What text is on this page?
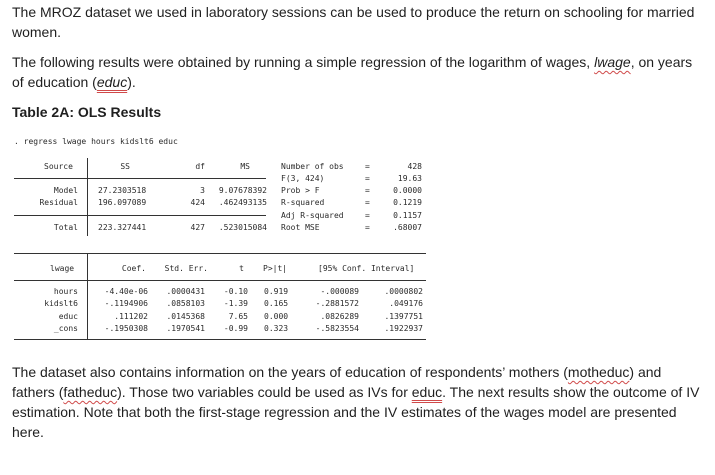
The MROZ dataset we used in laboratory sessions can be used to produce the return on schooling for married women.

The following results were obtained by running a simple regression of the logarithm of wages, lwage, on years of education (educ).

Table 2A: OLS Results

. regress lwage hours kidslt6 educ
Source	SS	df	MS
Model	27.2303518	3	9.07678392
Residual	196.097089	424	.462493135
Total	223.327441	427	.523015084
Number of obs	=	428
F(3, 424)	=	19.63
Prob > F	=	0.0000
R-squared	=	0.1219
Adj R-squared	=	0.1157
Root MSE	=	.68007
lwage	Coef.	Std. Err.	t P>|t|	[95% Conf. Interval]
hours	-4.40e-06	.0000431 -0.10 0.919	-.000089	.0000802
kidslt6	-.1194906	.0858103 -1.39 0.165	-.2881572	.049176
educ	.111202	.0145368	7.65 0.000	.0826289	.1397751
_cons	-.1950308	.1970541 -0.99 0.323	-.5823554	.1922937

The dataset also contains information on the years of education of respondents’ mothers (motheduc) and fathers (fatheduc). Those two variables could be used as IVs for educ. The next results show the outcome of IV estimation. Note that both the first-stage regression and the IV estimates of the wages model are presented here.
